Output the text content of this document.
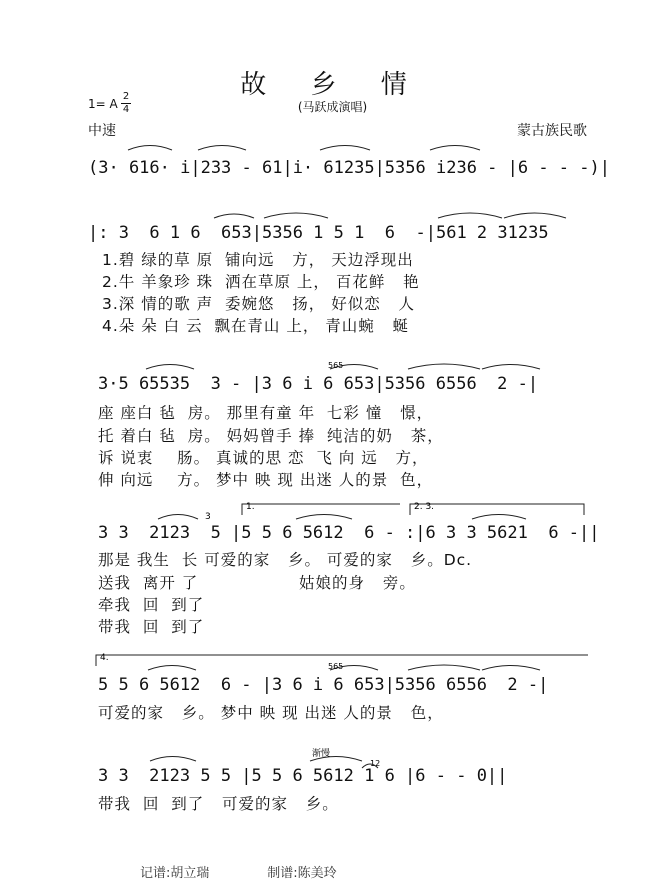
故 乡 情
(马跃成演唱)
1= A
2
4
中速	蒙古族民歌
(3· 616· i|233 - 61|i· 61235|5356 i236 - |6 - - -)|
|: 3  6 1 6  653|5356 1 5 1  6  -|561 2 31235
1.碧 绿的草 原  铺向远   方， 天边浮现出
2.牛 羊象珍 珠  洒在草原 上， 百花鲜   艳
3.深 情的歌 声  委婉悠   扬， 好似恋   人
4.朵 朵 白 云  飘在青山 上， 青山蜿   蜒
3·5 65535  3 - |3 6 i 6 653|5356 6556  2 -|
座 座白 毡  房。 那里有童 年  七彩 憧   憬，
托 着白 毡  房。 妈妈曾手 捧  纯洁的奶   茶，
诉 说衷    肠。 真诚的思 恋  飞 向 远   方，
伸 向远    方。 梦中 映 现 出迷 人的景  色，
3 3  2123  5 |5 5 6 5612  6 - :|6 3 3 5621  6 -||
那是 我生  长 可爱的家   乡。 可爱的家   乡。Dc.
送我  离开 了                 姑娘的身   旁。
牵我  回  到了
带我  回  到了
5 5 6 5612  6 - |3 6 i 6 653|5356 6556  2 -|
可爱的家   乡。 梦中 映 现 出迷 人的景   色，
3 3  2123 5 5 |5 5 6 5612 1 6 |6 - - 0||
带我  回  到了   可爱的家   乡。
1.	2. 3.
4.
565
565
3
渐慢
12
记谱:胡立瑞              制谱:陈美玲
